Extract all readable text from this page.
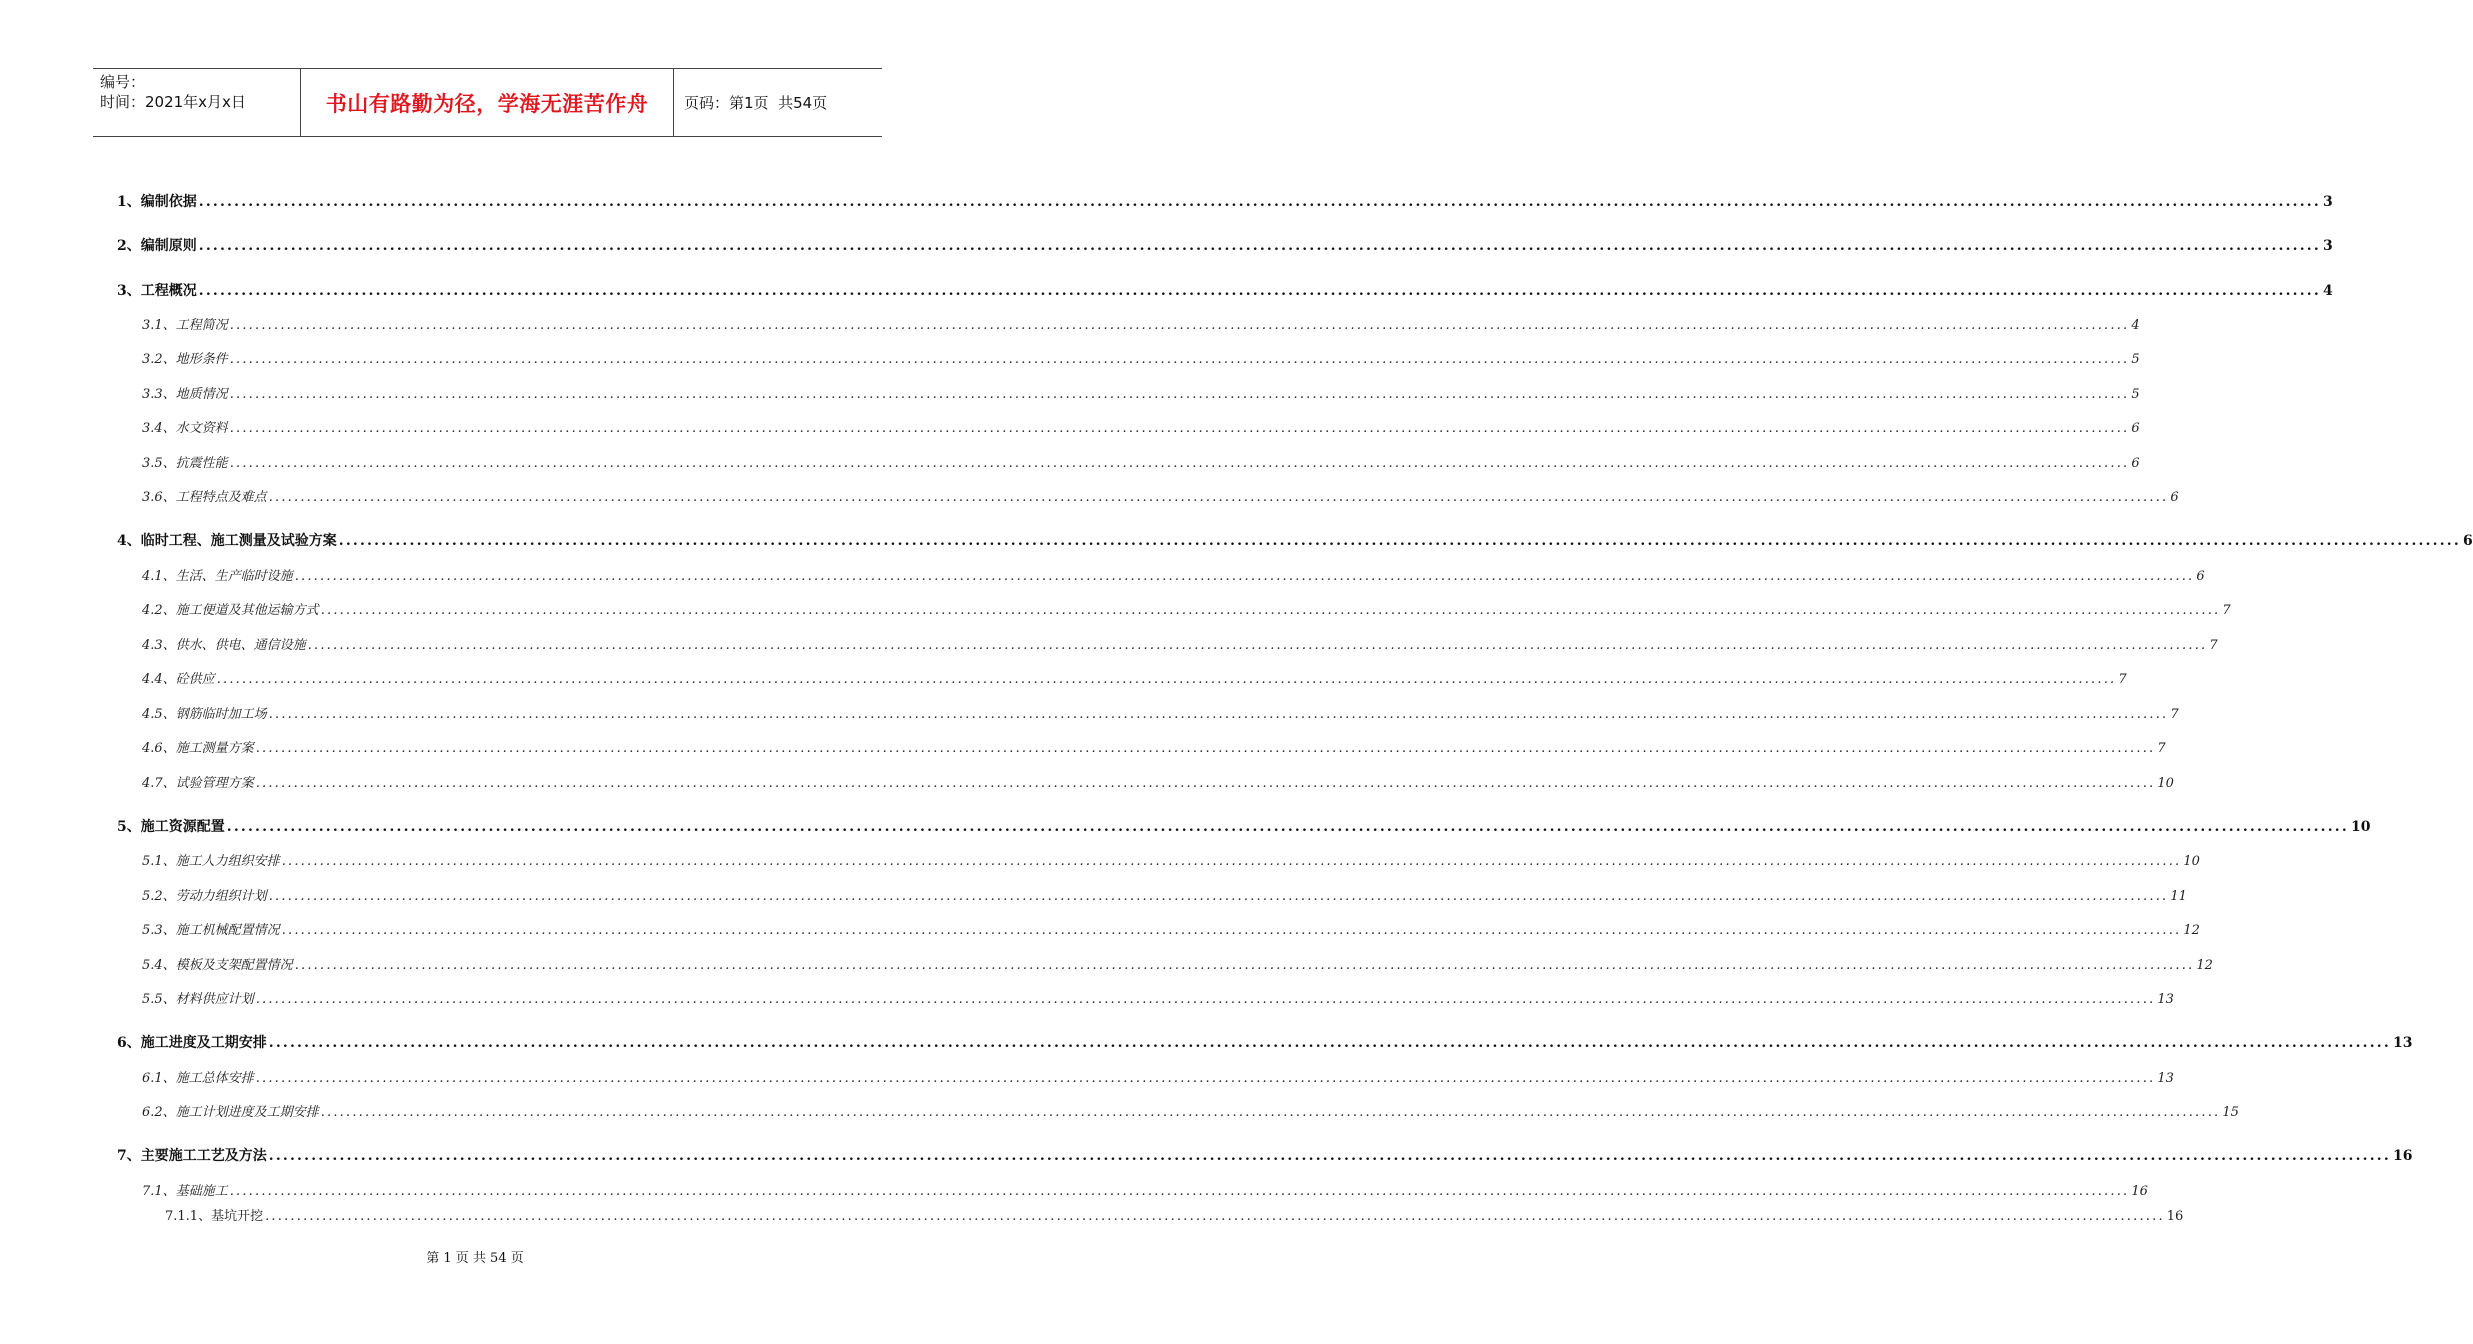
编号：
时间：2021年x月x日	书山有路勤为径，学海无涯苦作舟	页码：第1页  共54页
1、 编制依据 ............................................................................................................................................................................................................................................................................................................ 3
2、 编制原则 ............................................................................................................................................................................................................................................................................................................ 3
3、 工程概况 ............................................................................................................................................................................................................................................................................................................ 4
3.1、工程简况 ............................................................................................................................................................................................................................................................................................................ 4
3.2、地形条件 ............................................................................................................................................................................................................................................................................................................ 5
3.3、地质情况 ............................................................................................................................................................................................................................................................................................................ 5
3.4、水文资料 ............................................................................................................................................................................................................................................................................................................ 6
3.5、抗震性能 ............................................................................................................................................................................................................................................................................................................ 6
3.6、工程特点及难点 ............................................................................................................................................................................................................................................................................................................ 6
4、 临时工程、施工测量及试验方案 ............................................................................................................................................................................................................................................................................................................ 6
4.1、生活、生产临时设施 ............................................................................................................................................................................................................................................................................................................ 6
4.2、施工便道及其他运输方式 ............................................................................................................................................................................................................................................................................................................ 7
4.3、供水、供电、通信设施 ............................................................................................................................................................................................................................................................................................................ 7
4.4、砼供应 ............................................................................................................................................................................................................................................................................................................ 7
4.5、钢筋临时加工场 ............................................................................................................................................................................................................................................................................................................ 7
4.6、施工测量方案 ............................................................................................................................................................................................................................................................................................................ 7
4.7、试验管理方案 ............................................................................................................................................................................................................................................................................................................ 10
5、 施工资源配置 ............................................................................................................................................................................................................................................................................................................ 10
5.1、施工人力组织安排 ............................................................................................................................................................................................................................................................................................................ 10
5.2、劳动力组织计划 ............................................................................................................................................................................................................................................................................................................ 11
5.3、施工机械配置情况 ............................................................................................................................................................................................................................................................................................................ 12
5.4、模板及支架配置情况 ............................................................................................................................................................................................................................................................................................................ 12
5.5、材料供应计划 ............................................................................................................................................................................................................................................................................................................ 13
6、 施工进度及工期安排 ............................................................................................................................................................................................................................................................................................................ 13
6.1、施工总体安排 ............................................................................................................................................................................................................................................................................................................ 13
6.2、施工计划进度及工期安排 ............................................................................................................................................................................................................................................................................................................ 15
7、 主要施工工艺及方法 ............................................................................................................................................................................................................................................................................................................ 16
7.1、基础施工 ............................................................................................................................................................................................................................................................................................................ 16
7.1.1、基坑开挖 ............................................................................................................................................................................................................................................................................................................ 16
第 1 页 共 54 页
